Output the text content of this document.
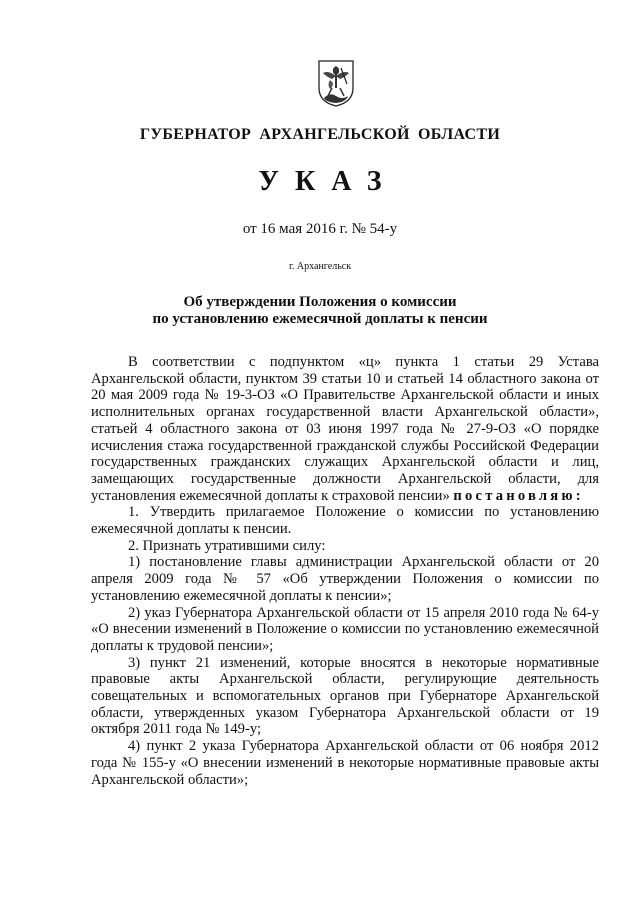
ГУБЕРНАТОР АРХАНГЕЛЬСКОЙ ОБЛАСТИ
УКАЗ
от 16 мая 2016 г. № 54-у
г. Архангельск
Об утверждении Положения о комиссии
по установлению ежемесячной доплаты к пенсии

В соответствии с подпунктом «ц» пункта 1 статьи 29 Устава Архангельской области, пунктом 39 статьи 10 и статьей 14 областного закона от 20 мая 2009 года № 19-3-ОЗ «О Правительстве Архангельской области и иных исполнительных органах государственной власти Архангельской области», статьей 4 областного закона от 03 июня 1997 года № 27-9-ОЗ «О порядке исчисления стажа государственной гражданской службы Российской Федерации государственных гражданских служащих Архангельской области и лиц, замещающих государственные должности Архангельской области, для установления ежемесячной доплаты к страховой пенсии» постановляю:

1. Утвердить прилагаемое Положение о комиссии по установлению ежемесячной доплаты к пенсии.

2. Признать утратившими силу:

1) постановление главы администрации Архангельской области от 20 апреля 2009 года № 57 «Об утверждении Положения о комиссии по установлению ежемесячной доплаты к пенсии»;

2) указ Губернатора Архангельской области от 15 апреля 2010 года № 64-у «О внесении изменений в Положение о комиссии по установлению ежемесячной доплаты к трудовой пенсии»;

3) пункт 21 изменений, которые вносятся в некоторые нормативные правовые акты Архангельской области, регулирующие деятельность совещательных и вспомогательных органов при Губернаторе Архангельской области, утвержденных указом Губернатора Архангельской области от 19 октября 2011 года № 149-у;

4) пункт 2 указа Губернатора Архангельской области от 06 ноября 2012 года № 155-у «О внесении изменений в некоторые нормативные правовые акты Архангельской области»;
